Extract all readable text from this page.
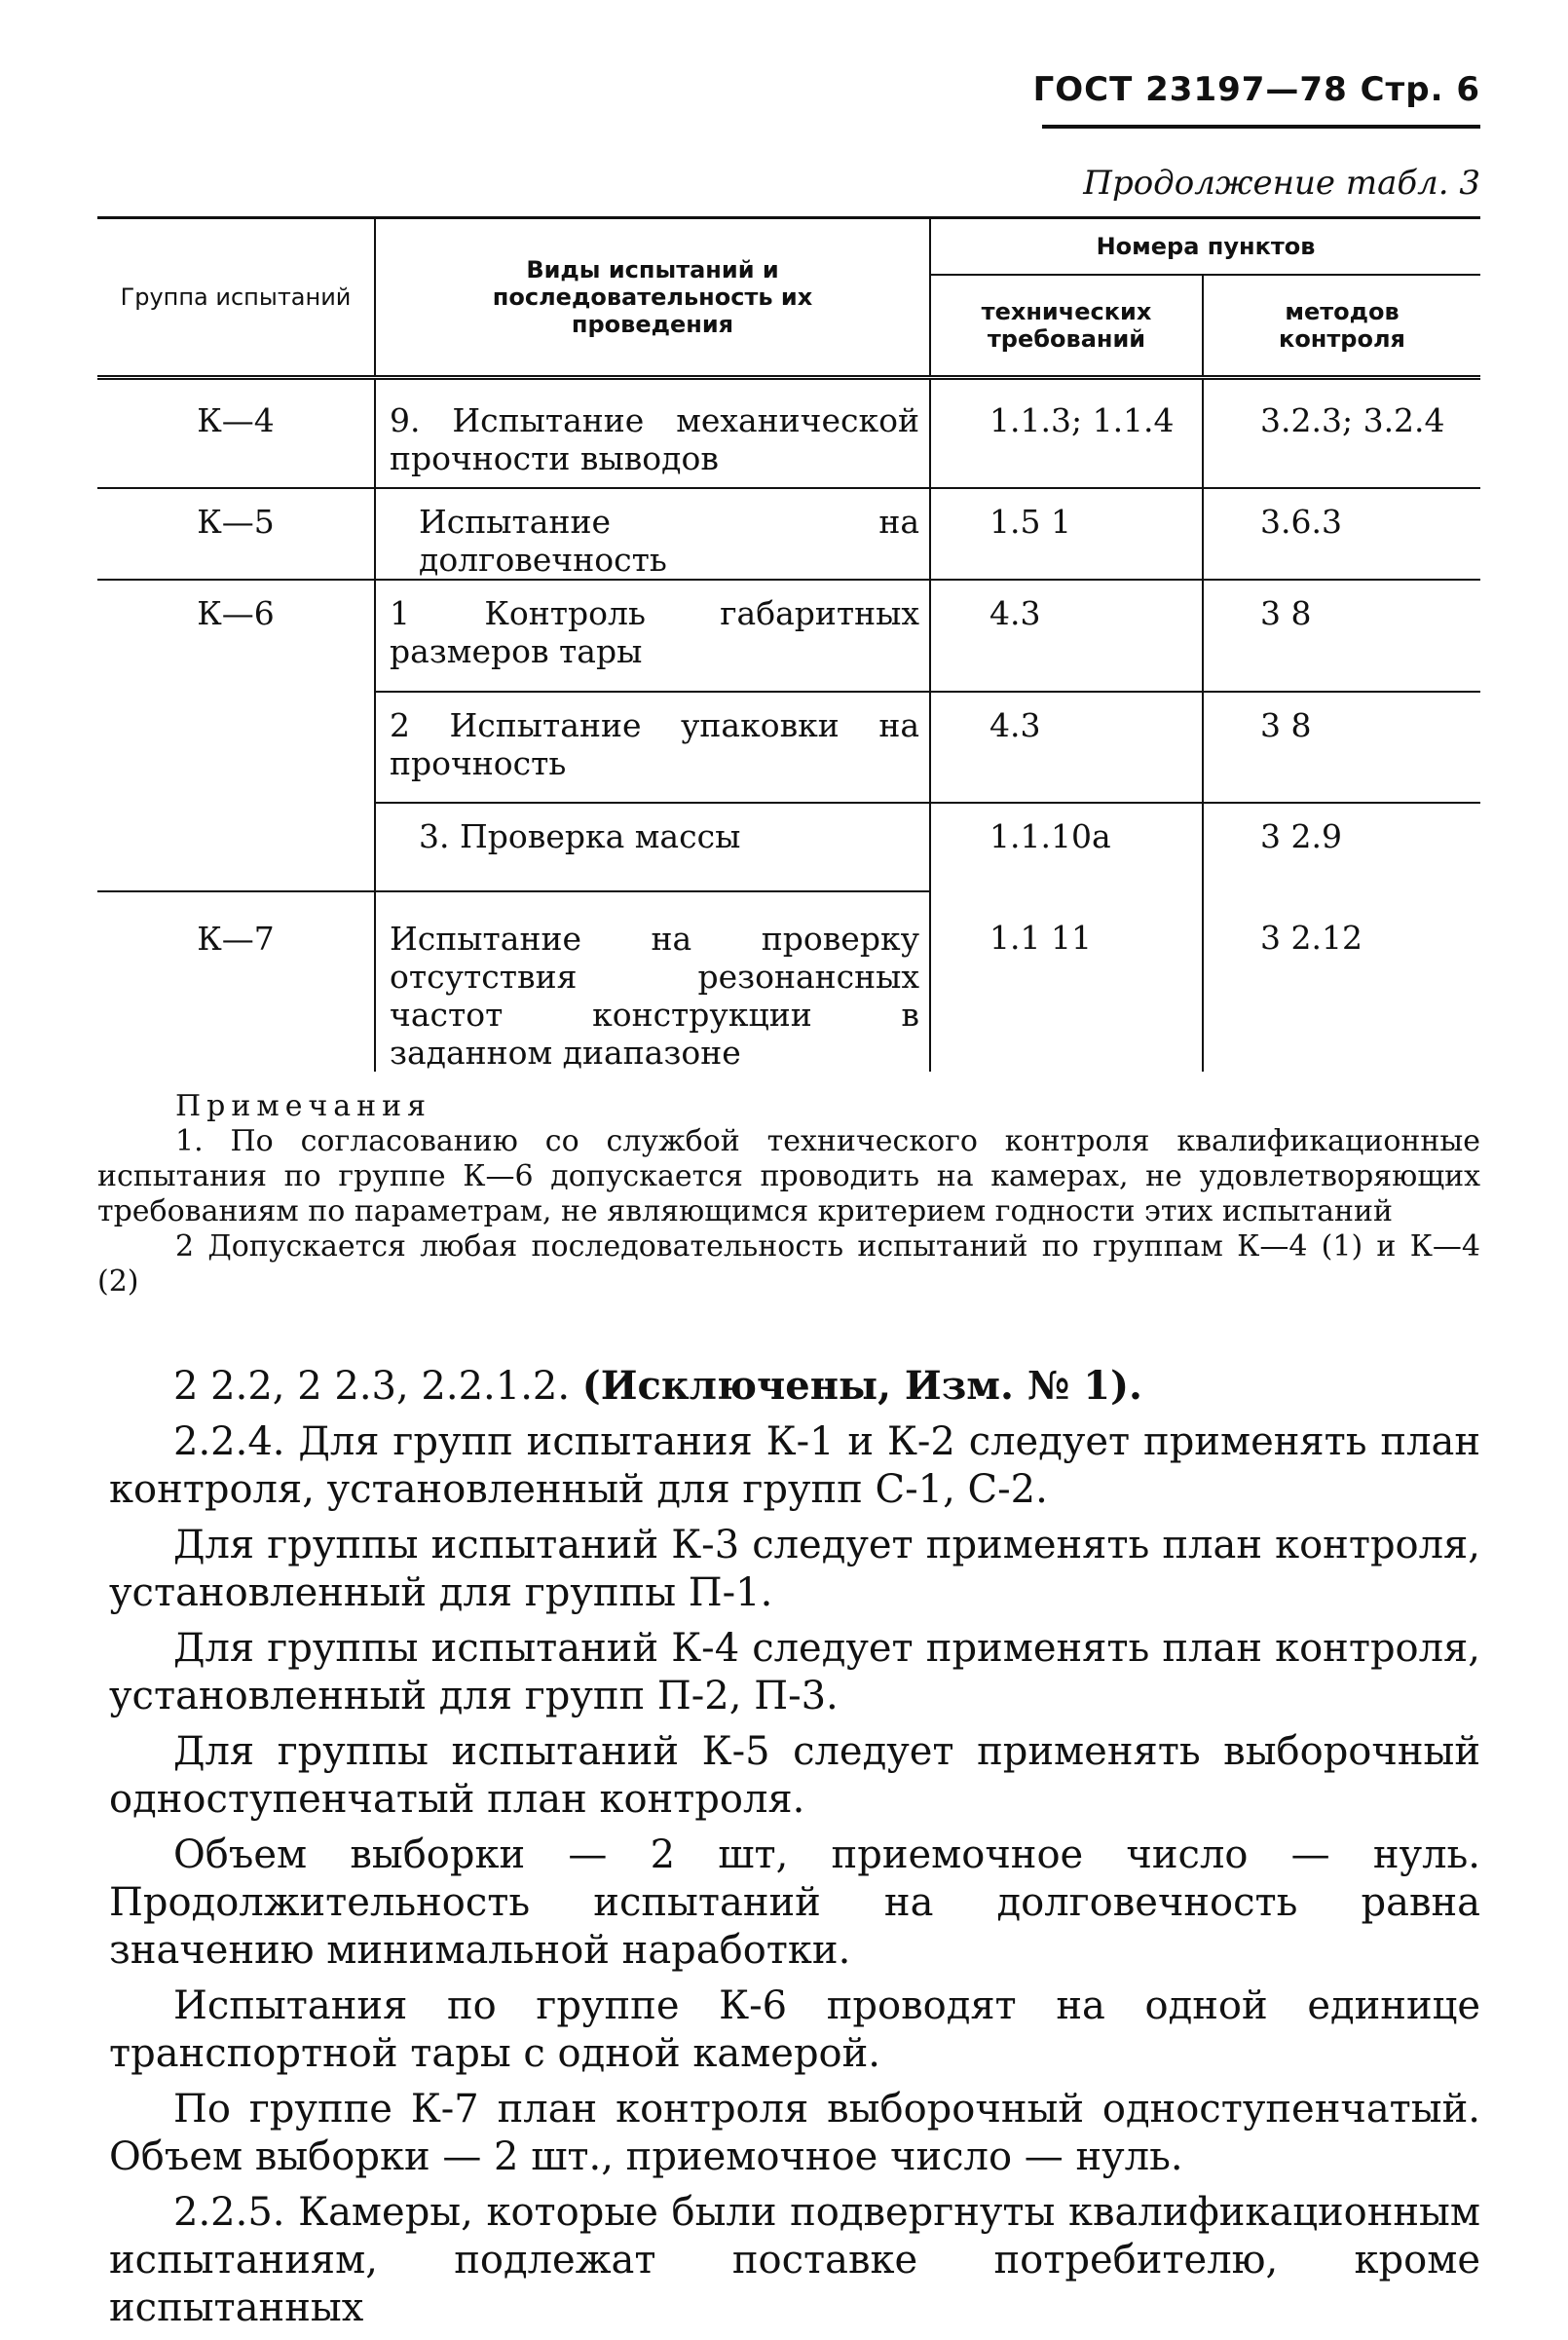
ГОСТ 23197—78 Стр. 6
Продолжение табл. 3
Группа испытаний	Виды испытаний и последовательность их проведения	Номера пунктов	
		технических требований	методов контроля
К—4	9. Испытание механической прочности выводов	1.1.3; 1.1.4	3.2.3; 3.2.4
К—5	Испытание на долговечность	1.5 1	3.6.3
К—6	1 Контроль габаритных размеров тары	4.3	3 8
	2 Испытание упаковки на прочность	4.3	3 8
	3. Проверка массы	1.1.10а	3 2.9
К—7	Испытание на проверку отсутствия резонансных частот конструкции в заданном диапазоне	1.1 11	3 2.12
Примечания

1. По согласованию со службой технического контроля квалификационные испытания по группе К—6 допускается проводить на камерах, не удовлетворяющих требованиям по параметрам, не являющимся критерием годности этих испытаний

2 Допускается любая последовательность испытаний по группам К—4 (1) и К—4 (2)

2 2.2, 2 2.3, 2.2.1.2. (Исключены, Изм. № 1).

2.2.4. Для групп испытания К-1 и К-2 следует применять план контроля, установленный для групп С-1, С-2.

Для группы испытаний К-3 следует применять план контроля, установленный для группы П-1.

Для группы испытаний К-4 следует применять план контроля, установленный для групп П-2, П-3.

Для группы испытаний К-5 следует применять выборочный одноступенчатый план контроля.

Объем выборки — 2 шт, приемочное число — нуль. Продолжительность испытаний на долговечность равна значению минимальной наработки.

Испытания по группе К-6 проводят на одной единице транспортной тары с одной камерой.

По группе К-7 план контроля выборочный одноступенчатый. Объем выборки — 2 шт., приемочное число — нуль.

2.2.5. Камеры, которые были подвергнуты квалификационным испытаниям, подлежат поставке потребителю, кроме испытанных
